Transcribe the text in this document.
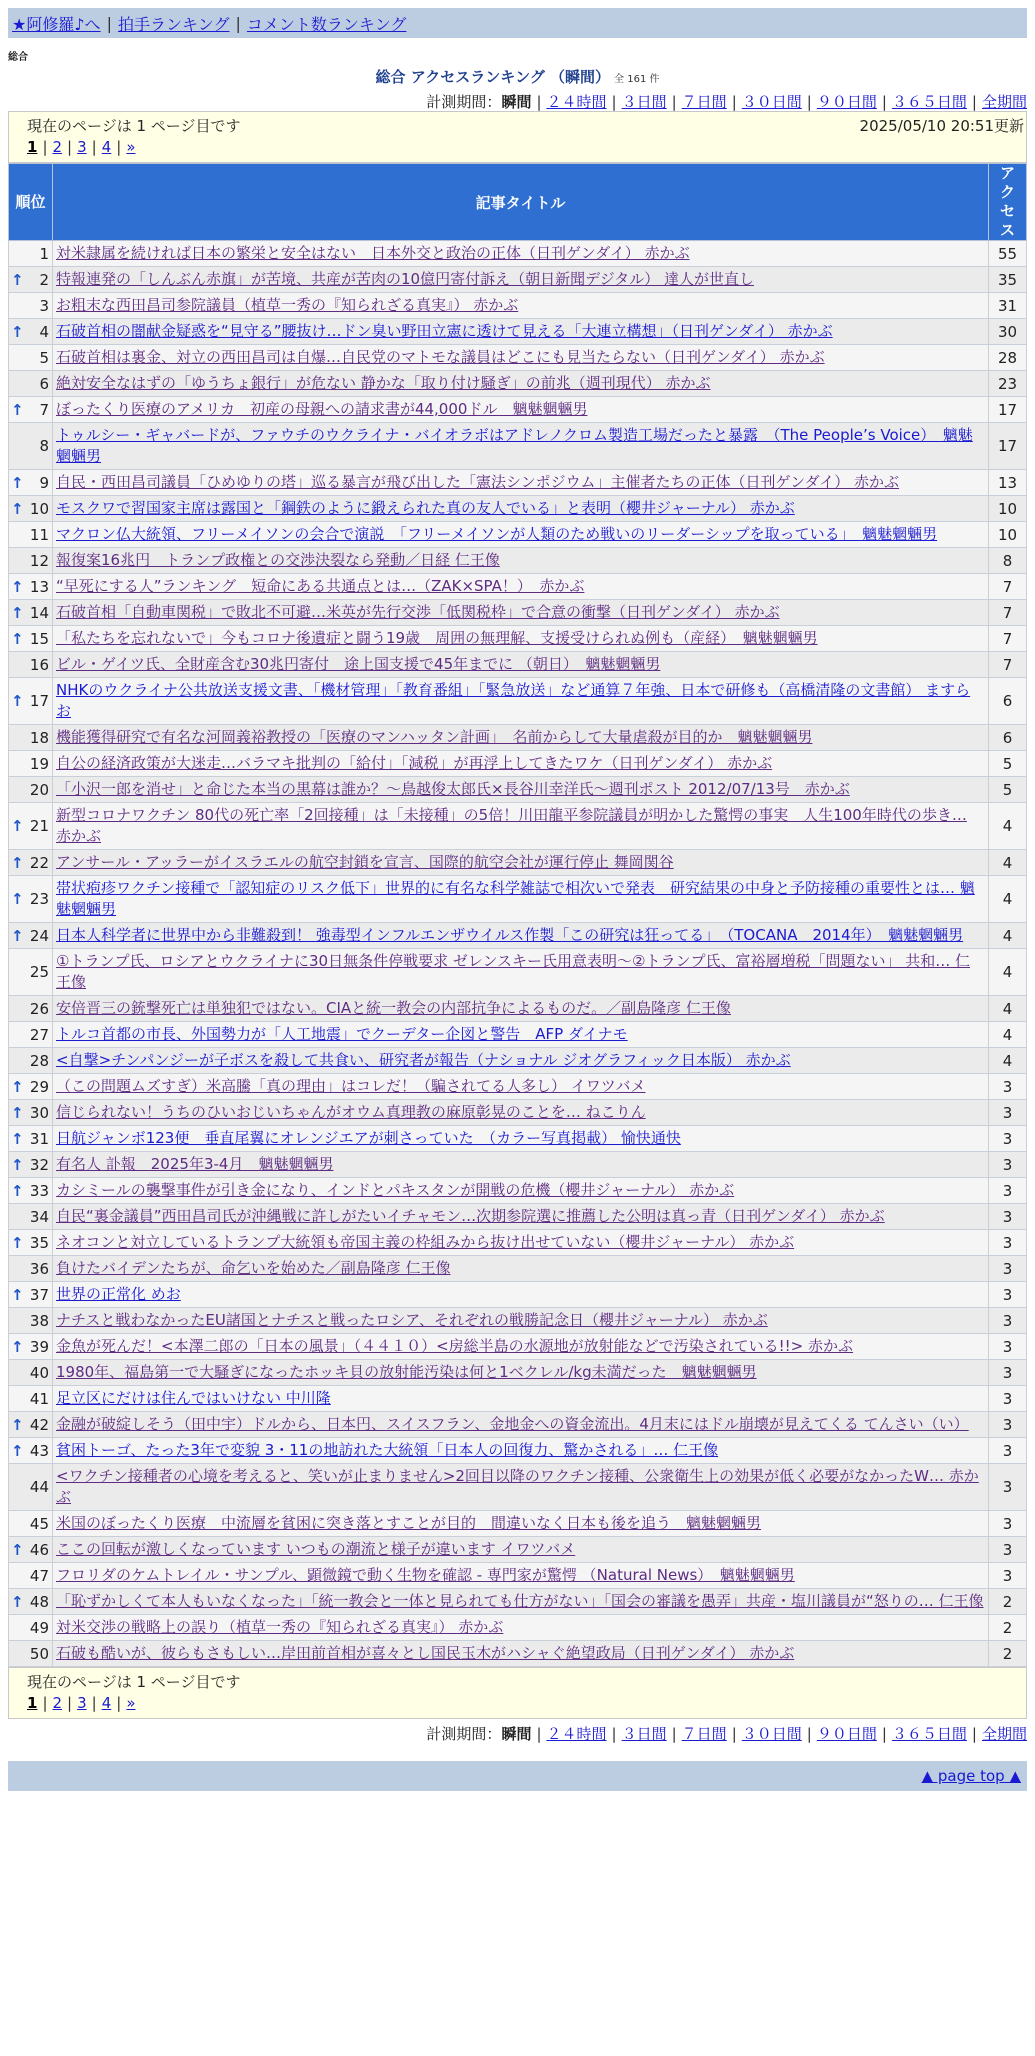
★阿修羅♪へ | 拍手ランキング | コメント数ランキング
総合
総合 アクセスランキング （瞬間） 全 161 件
計測期間：瞬間 | ２４時間 | ３日間 | ７日間 | ３０日間 | ９０日間 | ３６５日間 | 全期間
現在のページは 1 ページ目です	2025/05/10 20:51更新
1 | 2 | 3 | 4 | »
順位	記事タイトル	アクセス
1	対米隷属を続ければ日本の繁栄と安全はない　日本外交と政治の正体（日刊ゲンダイ） 赤かぶ	55

↑ 2	特報連発の「しんぶん赤旗」が苦境、共産が苦肉の10億円寄付訴え（朝日新聞デジタル） 達人が世直し	35
3	お粗末な西田昌司参院議員（植草一秀の『知られざる真実』） 赤かぶ	31

↑ 4	石破首相の闇献金疑惑を“見守る”腰抜け…ドン臭い野田立憲に透けて見える「大連立構想」（日刊ゲンダイ） 赤かぶ	30
5	石破首相は裏金、対立の西田昌司は自爆…自民党のマトモな議員はどこにも見当たらない（日刊ゲンダイ） 赤かぶ	28
6	絶対安全なはずの「ゆうちょ銀行」が危ない 静かな「取り付け騒ぎ」の前兆（週刊現代） 赤かぶ	23

↑ 7	ぼったくり医療のアメリカ　初産の母親への請求書が44,000ドル　魑魅魍魎男	17
8	トゥルシー・ギャバードが、ファウチのウクライナ・バイオラボはアドレノクロム製造工場だったと暴露　（The People’s Voice）　魑魅魍魎男	17

↑ 9	自民・西田昌司議員「ひめゆりの塔」巡る暴言が飛び出した「憲法シンポジウム」主催者たちの正体（日刊ゲンダイ） 赤かぶ	13

↑ 10	モスクワで習国家主席は露国と「鋼鉄のように鍛えられた真の友人でいる」と表明（櫻井ジャーナル） 赤かぶ	10
11	マクロン仏大統領、フリーメイソンの会合で演説　「フリーメイソンが人類のため戦いのリーダーシップを取っている」　魑魅魍魎男	10
12	報復案16兆円　トランプ政権との交渉決裂なら発動／日経 仁王像	8

↑ 13	“早死にする人”ランキング　短命にある共通点とは…（ZAK×SPA！）　赤かぶ	7

↑ 14	石破首相「自動車関税」で敗北不可避…米英が先行交渉「低関税枠」で合意の衝撃（日刊ゲンダイ） 赤かぶ	7

↑ 15	「私たちを忘れないで」今もコロナ後遺症と闘う19歳　周囲の無理解、支援受けられぬ例も（産経）　魑魅魍魎男	7
16	ビル・ゲイツ氏、全財産含む30兆円寄付　途上国支援で45年までに （朝日）　魑魅魍魎男	7

↑ 17	NHKのウクライナ公共放送支援文書、「機材管理」「教育番組」「緊急放送」など通算７年強、日本で研修も（高橋清隆の文書館） ますらお	6
18	機能獲得研究で有名な河岡義裕教授の「医療のマンハッタン計画」　名前からして大量虐殺が目的か　魑魅魍魎男	6
19	自公の経済政策が大迷走…バラマキ批判の「給付」「減税」が再浮上してきたワケ（日刊ゲンダイ） 赤かぶ	5
20	「小沢一郎を消せ」と命じた本当の黒幕は誰か？～鳥越俊太郎氏×長谷川幸洋氏～週刊ポスト 2012/07/13号　赤かぶ	5

↑ 21	新型コロナワクチン 80代の死亡率「2回接種」は「未接種」の5倍！川田龍平参院議員が明かした驚愕の事実　人生100年時代の歩き… 赤かぶ	4

↑ 22	アンサール・アッラーがイスラエルの航空封鎖を宣言、国際的航空会社が運行停止 舞岡関谷	4

↑ 23	帯状疱疹ワクチン接種で「認知症のリスク低下」世界的に有名な科学雑誌で相次いで発表　研究結果の中身と予防接種の重要性とは… 魑魅魍魎男	4

↑ 24	日本人科学者に世界中から非難殺到！ 強毒型インフルエンザウイルス作製「この研究は狂ってる」　（TOCANA　2014年）　魑魅魍魎男	4
25	①トランプ氏、ロシアとウクライナに30日無条件停戦要求 ゼレンスキー氏用意表明～②トランプ氏、富裕層増税「問題ない」 共和… 仁王像	4
26	安倍晋三の銃撃死亡は単独犯ではない。CIAと統一教会の内部抗争によるものだ。／副島隆彦 仁王像	4
27	トルコ首都の市長、外国勢力が「人工地震」でクーデター企図と警告　AFP ダイナモ	4
28	<自撃>チンパンジーが子ボスを殺して共食い、研究者が報告（ナショナル ジオグラフィック日本版） 赤かぶ	4

↑ 29	（この問題ムズすぎ）米高騰「真の理由」はコレだ！（騙されてる人多し） イワツバメ	3

↑ 30	信じられない！うちのひいおじいちゃんがオウム真理教の麻原彰晃のことを… ねこりん	3

↑ 31	日航ジャンボ123便　垂直尾翼にオレンジエアが刺さっていた　（カラー写真掲載） 愉快通快	3

↑ 32	有名人 訃報　2025年3-4月　魑魅魍魎男	3

↑ 33	カシミールの襲撃事件が引き金になり、インドとパキスタンが開戦の危機（櫻井ジャーナル） 赤かぶ	3
34	自民“裏金議員”西田昌司氏が沖縄戦に許しがたいイチャモン…次期参院選に推薦した公明は真っ青（日刊ゲンダイ） 赤かぶ	3

↑ 35	ネオコンと対立しているトランプ大統領も帝国主義の枠組みから抜け出せていない（櫻井ジャーナル） 赤かぶ	3
36	負けたバイデンたちが、命乞いを始めた／副島隆彦 仁王像	3

↑ 37	世界の正常化 めお	3
38	ナチスと戦わなかったEU諸国とナチスと戦ったロシア、それぞれの戦勝記念日（櫻井ジャーナル） 赤かぶ	3

↑ 39	金魚が死んだ！<本澤二郎の「日本の風景」（４４１０）<房総半島の水源地が放射能などで汚染されている!!> 赤かぶ	3
40	1980年、福島第一で大騒ぎになったホッキ貝の放射能汚染は何と1ベクレル/kg未満だった　魑魅魍魎男	3
41	足立区にだけは住んではいけない 中川隆	3

↑ 42	金融が破綻しそう（田中宇）ドルから、日本円、スイスフラン、金地金への資金流出。4月末にはドル崩壊が見えてくる てんさい（い）	3

↑ 43	貧困トーゴ、たった3年で変貌 3・11の地訪れた大統領「日本人の回復力、驚かされる」… 仁王像	3
44	<ワクチン接種者の心境を考えると、笑いが止まりません>2回目以降のワクチン接種、公衆衛生上の効果が低く必要がなかったW… 赤かぶ	3
45	米国のぼったくり医療　中流層を貧困に突き落とすことが目的　間違いなく日本も後を追う　魑魅魍魎男	3

↑ 46	ここの回転が激しくなっています いつもの潮流と様子が違います イワツバメ	3
47	フロリダのケムトレイル・サンプル、顕微鏡で動く生物を確認 - 専門家が驚愕 （Natural News）　魑魅魍魎男	3

↑ 48	「恥ずかしくて本人もいなくなった」「統一教会と一体と見られても仕方がない」「国会の審議を愚弄」共産・塩川議員が“怒りの… 仁王像	2
49	対米交渉の戦略上の誤り（植草一秀の『知られざる真実』） 赤かぶ	2
50	石破も酷いが、彼らもさもしい…岸田前首相が喜々とし国民玉木がハシャぐ絶望政局（日刊ゲンダイ） 赤かぶ	2
現在のページは 1 ページ目です
1 | 2 | 3 | 4 | »
計測期間：瞬間 | ２４時間 | ３日間 | ７日間 | ３０日間 | ９０日間 | ３６５日間 | 全期間
▲ page top ▲
